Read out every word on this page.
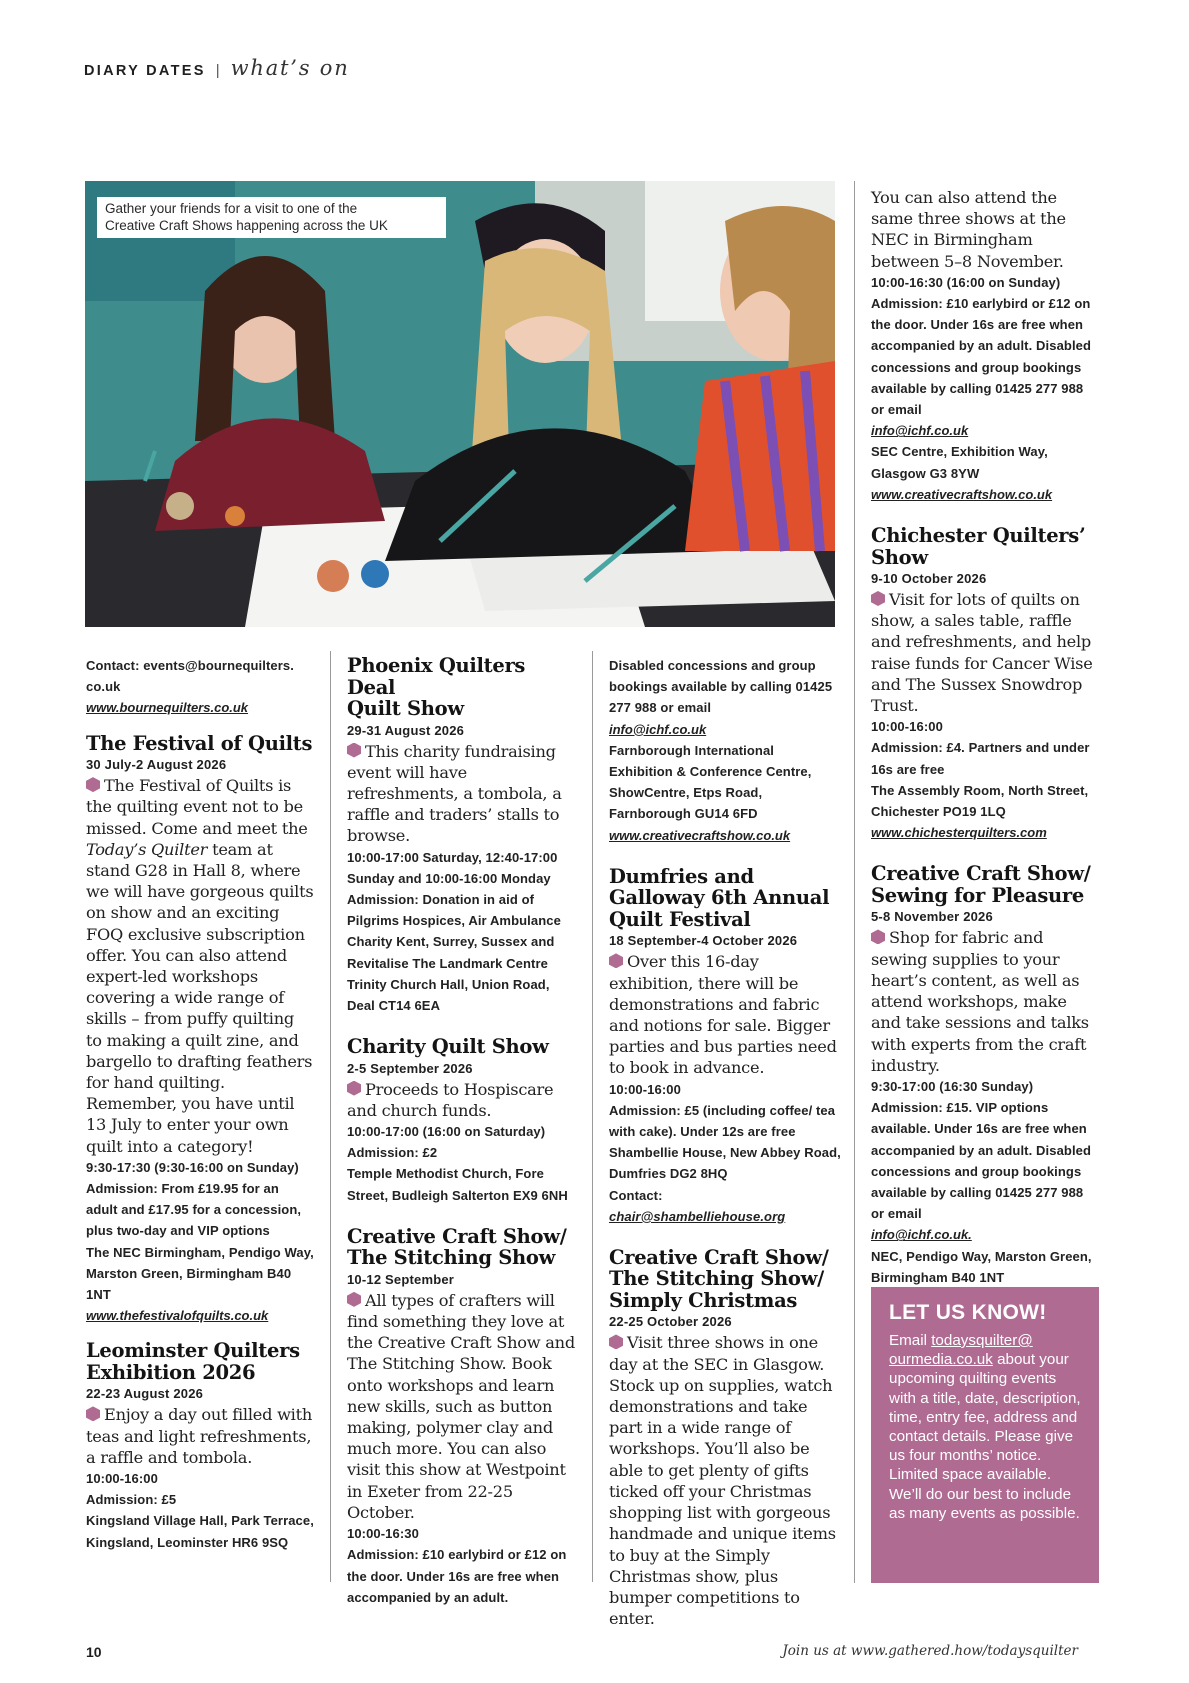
DIARY DATES | what’s on
Gather your friends for a visit to one of the
Creative Craft Shows happening across the UK
Contact: events@bournequilters.
co.uk
www.bournequilters.co.uk
The Festival of Quilts
30 July-2 August 2026
The Festival of Quilts is the quilting event not to be missed. Come and meet the Today’s Quilter team at stand G28 in Hall 8, where we will have gorgeous quilts on show and an exciting FOQ exclusive subscription offer. You can also attend expert-led workshops covering a wide range of skills – from puffy quilting to making a quilt zine, and bargello to drafting feathers for hand quilting. Remember, you have until 13 July to enter your own quilt into a category!
9:30-17:30 (9:30-16:00 on Sunday)
Admission: From £19.95 for an adult and £17.95 for a concession, plus two-day and VIP options
The NEC Birmingham, Pendigo Way, Marston Green, Birmingham B40 1NT
www.thefestivalofquilts.co.uk
Leominster Quilters
Exhibition 2026
22-23 August 2026
Enjoy a day out filled with teas and light refreshments, a raffle and tombola.
10:00-16:00
Admission: £5
Kingsland Village Hall, Park Terrace, Kingsland, Leominster HR6 9SQ
Phoenix Quilters Deal
Quilt Show
29-31 August 2026
This charity fundraising event will have refreshments, a tombola, a raffle and traders’ stalls to browse.
10:00-17:00 Saturday, 12:40-17:00 Sunday and 10:00-16:00 Monday
Admission: Donation in aid of Pilgrims Hospices, Air Ambulance Charity Kent, Surrey, Sussex and Revitalise The Landmark Centre
Trinity Church Hall, Union Road, Deal CT14 6EA
Charity Quilt Show
2-5 September 2026
Proceeds to Hospiscare and church funds.
10:00-17:00 (16:00 on Saturday)
Admission: £2
Temple Methodist Church, Fore Street, Budleigh Salterton EX9 6NH
Creative Craft Show/
The Stitching Show
10-12 September
All types of crafters will find something they love at the Creative Craft Show and The Stitching Show. Book onto workshops and learn new skills, such as button making, polymer clay and much more. You can also visit this show at Westpoint in Exeter from 22-25 October.
10:00-16:30
Admission: £10 earlybird or £12 on the door. Under 16s are free when accompanied by an adult.
Disabled concessions and group bookings available by calling 01425 277 988 or email
info@ichf.co.uk
Farnborough International Exhibition & Conference Centre, ShowCentre, Etps Road, Farnborough GU14 6FD
www.creativecraftshow.co.uk
Dumfries and
Galloway 6th Annual
Quilt Festival
18 September-4 October 2026
Over this 16-day exhibition, there will be demonstrations and fabric and notions for sale. Bigger parties and bus parties need to book in advance.
10:00-16:00
Admission: £5 (including coffee/ tea with cake). Under 12s are free
Shambellie House, New Abbey Road, Dumfries DG2 8HQ
Contact: chair@shambelliehouse.org
Creative Craft Show/
The Stitching Show/
Simply Christmas
22-25 October 2026
Visit three shows in one day at the SEC in Glasgow. Stock up on supplies, watch demonstrations and take part in a wide range of workshops. You’ll also be able to get plenty of gifts ticked off your Christmas shopping list with gorgeous handmade and unique items to buy at the Simply Christmas show, plus bumper competitions to enter.
You can also attend the same three shows at the NEC in Birmingham between 5–8 November.
10:00-16:30 (16:00 on Sunday)
Admission: £10 earlybird or £12 on the door. Under 16s are free when accompanied by an adult. Disabled concessions and group bookings available by calling 01425 277 988 or email
info@ichf.co.uk
SEC Centre, Exhibition Way, Glasgow G3 8YW
www.creativecraftshow.co.uk
Chichester Quilters’
Show
9-10 October 2026
Visit for lots of quilts on show, a sales table, raffle and refreshments, and help raise funds for Cancer Wise and The Sussex Snowdrop Trust.
10:00-16:00
Admission: £4. Partners and under 16s are free
The Assembly Room, North Street, Chichester PO19 1LQ
www.chichesterquilters.com
Creative Craft Show/
Sewing for Pleasure
5-8 November 2026
Shop for fabric and sewing supplies to your heart’s content, as well as attend workshops, make and take sessions and talks with experts from the craft industry.
9:30-17:00 (16:30 Sunday)
Admission: £15. VIP options available. Under 16s are free when accompanied by an adult. Disabled concessions and group bookings available by calling 01425 277 988 or email
info@ichf.co.uk.
NEC, Pendigo Way, Marston Green, Birmingham B40 1NT
LET US KNOW!

Email todaysquilter@ ourmedia.co.uk about your upcoming quilting events with a title, date, description, time, entry fee, address and contact details. Please give us four months’ notice. Limited space available. We’ll do our best to include as many events as possible.

10	Join us at www.gathered.how/todaysquilter
